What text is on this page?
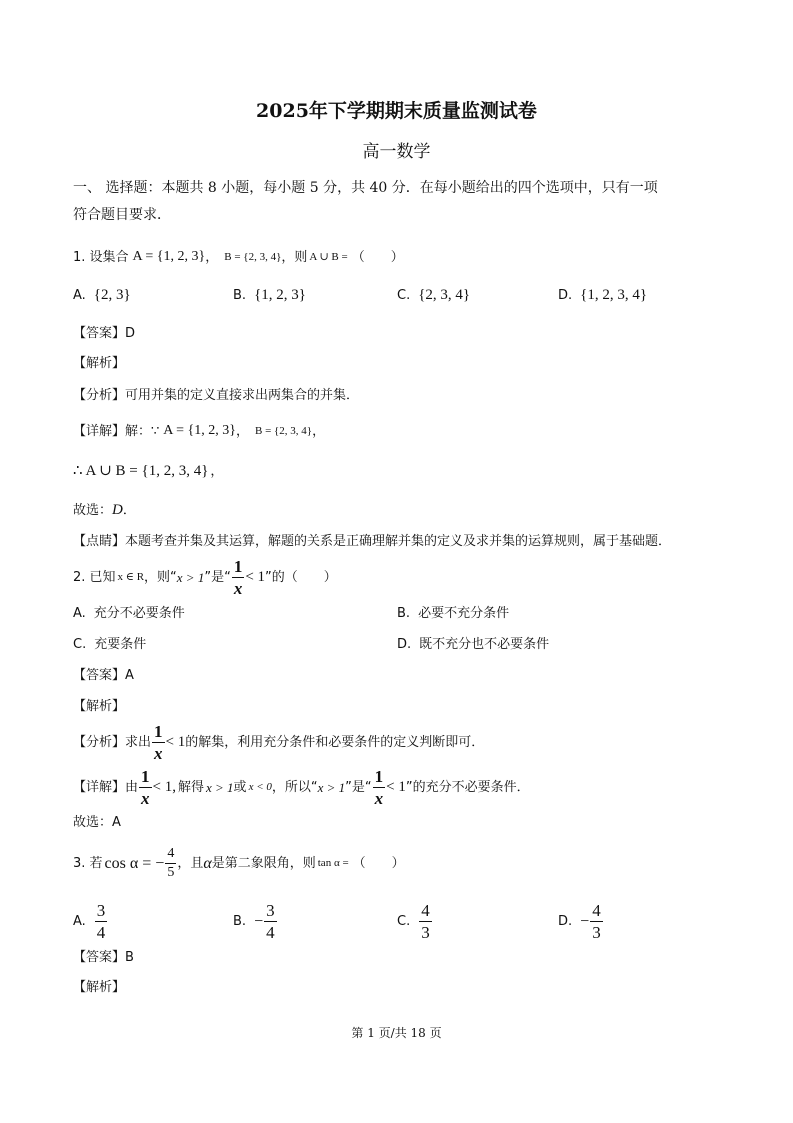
2025年下学期期末质量监测试卷
高一数学
一、 选择题：本题共 8 小题，每小题 5 分，共 40 分．在每小题给出的四个选项中，只有一项
符合题目要求．
1. 设集合 A = {1, 2, 3} ， B = {2, 3, 4} ，则 A ∪ B = （　　）
A. {2, 3}	B. {1, 2, 3}	C. {2, 3, 4}	D. {1, 2, 3, 4}
【答案】D
【解析】
【分析】可用并集的定义直接求出两集合的并集．
【详解】解：∵ A = {1, 2, 3} ， B = {2, 3, 4} ，
∴ A ∪ B = {1, 2, 3, 4} ，
故选： D ．
【点睛】本题考查并集及其运算，解题的关系是正确理解并集的定义及求并集的运算规则，属于基础题．
2. 已知 x ∈ R ，则“ x > 1 ”是“ $\frac{1}{x} < 1$ ”的（　　）
A. 充分不必要条件	B. 必要不充分条件
C. 充要条件	D. 既不充分也不必要条件
【答案】A
【解析】
【分析】求出 $\frac{1}{x} < 1$ 的解集，利用充分条件和必要条件的定义判断即可．
【详解】由 $\frac{1}{x} < 1$, 解得 x > 1 或 x < 0 ，所以“ x > 1 ”是“ $\frac{1}{x} < 1$ ”的充分不必要条件．
故选：A
3. 若 cos α = − $\frac{4}{5}$ ，且 α 是第二象限角，则 tan α = （　　）
A. $\frac{3}{4}$	B. − $\frac{3}{4}$	C. $\frac{4}{3}$	D. − $\frac{4}{3}$
【答案】B
【解析】
第 1 页/共 18 页
